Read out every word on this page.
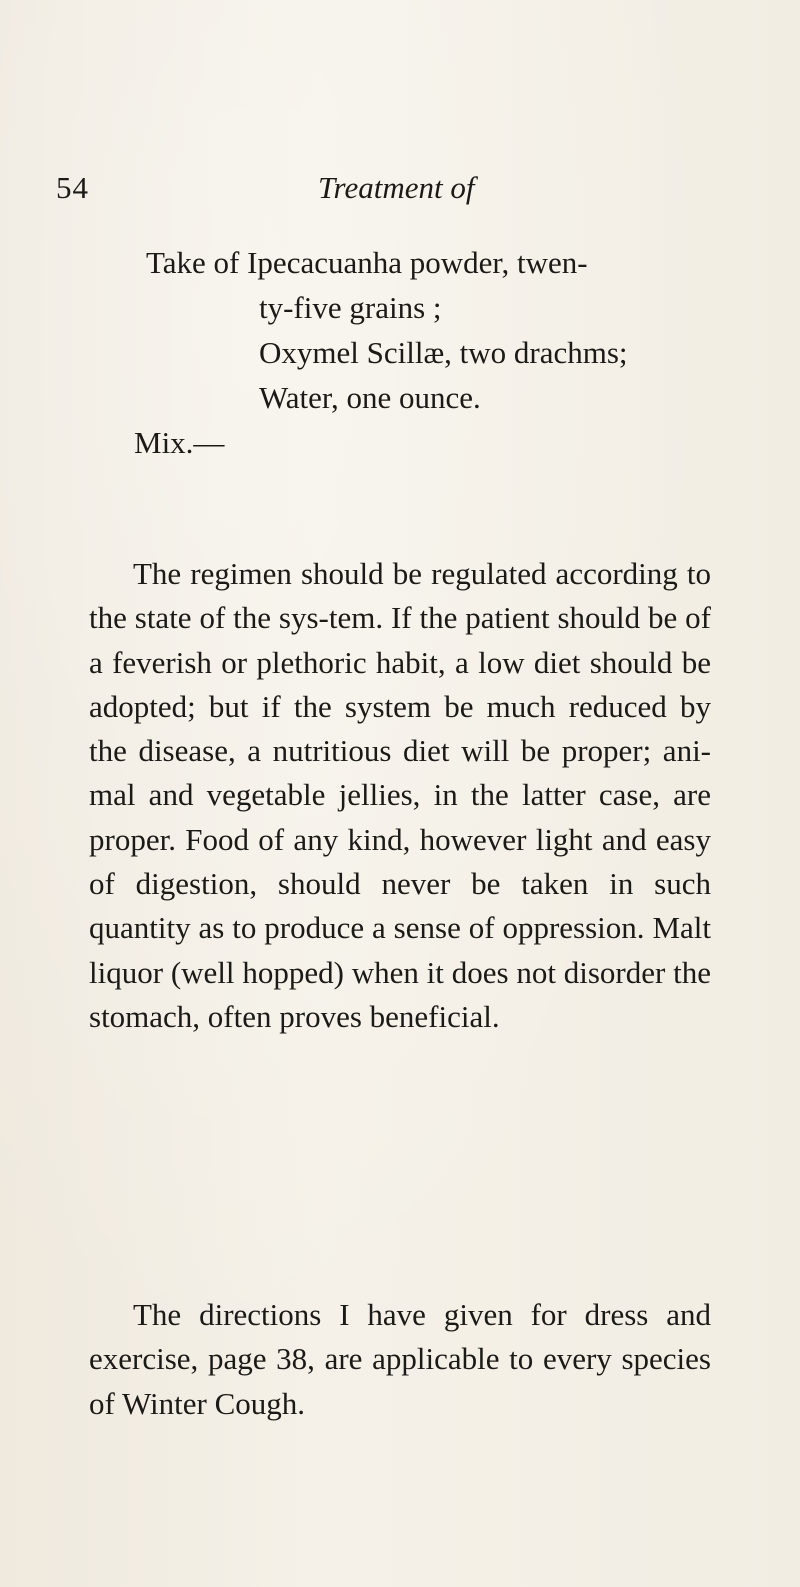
54	Treatment of
Take of Ipecacuanha powder, twen-
ty-five grains ;
Oxymel Scillæ, two drachms;
Water, one ounce.
Mix.—

The regimen should be regulated according to the state of the sys-tem. If the patient should be of a feverish or plethoric habit, a low diet should be adopted; but if the system be much reduced by the disease, a nutritious diet will be proper; ani-mal and vegetable jellies, in the latter case, are proper. Food of any kind, however light and easy of digestion, should never be taken in such quantity as to produce a sense of oppression. Malt liquor (well hopped) when it does not disorder the stomach, often proves beneficial.

The directions I have given for dress and exercise, page 38, are applicable to every species of Winter Cough.
